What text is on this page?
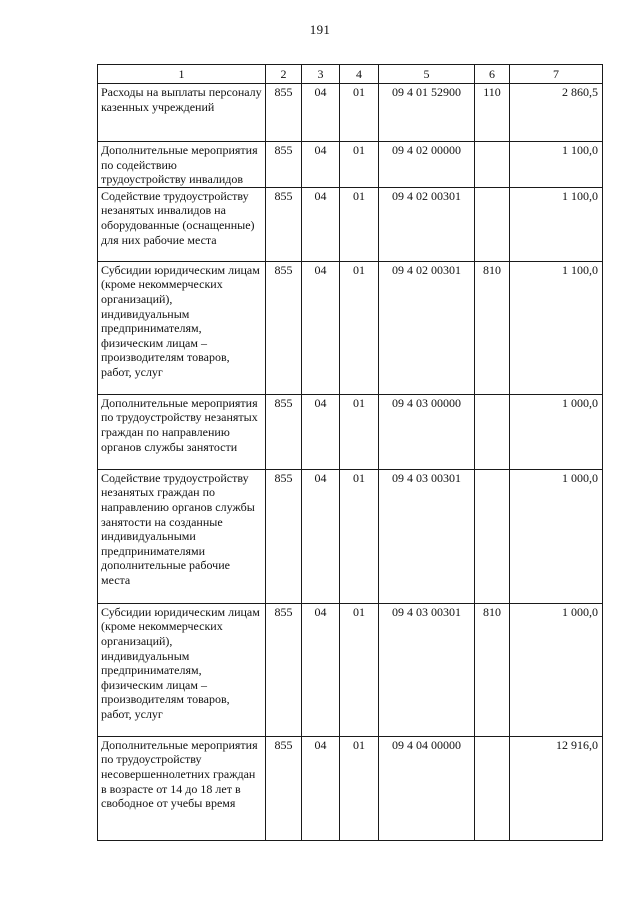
191
1	2	3	4	5	6	7
Расходы на выплаты персоналу казенных учреждений	855	04	01	09 4 01 52900	110	2 860,5
Дополнительные мероприятия по содействию трудоустройству инвалидов	855	04	01	09 4 02 00000		1 100,0
Содействие трудоустройству незанятых инвалидов на оборудованные (оснащенные) для них рабочие места	855	04	01	09 4 02 00301		1 100,0
Субсидии юридическим лицам (кроме некоммерческих организаций), индивидуальным предпринимателям, физическим лицам – производителям товаров, работ, услуг	855	04	01	09 4 02 00301	810	1 100,0
Дополнительные мероприятия по трудоустройству незанятых граждан по направлению органов службы занятости	855	04	01	09 4 03 00000		1 000,0
Содействие трудоустройству незанятых граждан по направлению органов службы занятости на созданные индивидуальными предпринимателями дополнительные рабочие места	855	04	01	09 4 03 00301		1 000,0
Субсидии юридическим лицам (кроме некоммерческих организаций), индивидуальным предпринимателям, физическим лицам – производителям товаров, работ, услуг	855	04	01	09 4 03 00301	810	1 000,0
Дополнительные мероприятия по трудоустройству несовершеннолетних граждан в возрасте от 14 до 18 лет в свободное от учебы время	855	04	01	09 4 04 00000		12 916,0
